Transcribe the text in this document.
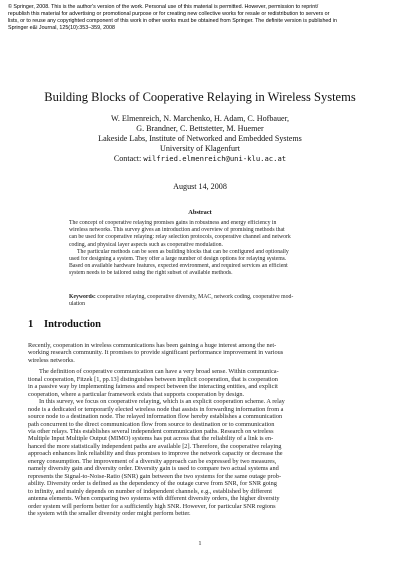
© Springer, 2008. This is the author's version of the work. Personal use of this material is permitted. However, permission to reprint/
republish this material for advertising or promotional purpose or for creating new collective works for resale or redistribution to servers or
lists, or to reuse any copyrighted component of this work in other works must be obtained from Springer. The definite version is published in
Springer e&i Journal, 125(10):353–359, 2008
Building Blocks of Cooperative Relaying in Wireless Systems
W. Elmenreich, N. Marchenko, H. Adam, C. Hofbauer,
G. Brandner, C. Bettstetter, M. Huemer
Lakeside Labs, Institute of Networked and Embedded Systems
University of Klagenfurt
Contact: wilfried.elmenreich@uni-klu.ac.at
August 14, 2008
Abstract
The concept of cooperative relaying promises gains in robustness and energy efficiency in
wireless networks. This survey gives an introduction and overview of promising methods that
can be used for cooperative relaying: relay selection protocols, cooperative channel and network
coding, and physical layer aspects such as cooperative modulation.
The particular methods can be seen as building blocks that can be configured and optionally
used for designing a system. They offer a large number of design options for relaying systems.
Based on available hardware features, expected environment, and required services an efficient
system needs to be tailored using the right subset of available methods.
Keywords: cooperative relaying, cooperative diversity, MAC, network coding, cooperative mod-
ulation
1 Introduction
Recently, cooperation in wireless communications has been gaining a huge interest among the net-
working research community. It promises to provide significant performance improvement in various
wireless networks.
The definition of cooperative communication can have a very broad sense. Within communica-
tional cooperation, Fitzek [1, pp.13] distinguishes between implicit cooperation, that is cooperation
in a passive way by implementing fairness and respect between the interacting entities, and explicit
cooperation, where a particular framework exists that supports cooperation by design.
In this survey, we focus on cooperative relaying, which is an explicit cooperation scheme. A relay
node is a dedicated or temporarily elected wireless node that assists in forwarding information from a
source node to a destination node. The relayed information flow hereby establishes a communication
path concurrent to the direct communication flow from source to destination or to communication
via other relays. This establishes several independent communication paths. Research on wireless
Multiple Input Multiple Output (MIMO) systems has put across that the reliability of a link is en-
hanced the more statistically independent paths are available [2]. Therefore, the cooperative relaying
approach enhances link reliability and thus promises to improve the network capacity or decrease the
energy consumption. The improvement of a diversity approach can be expressed by two measures,
namely diversity gain and diversity order. Diversity gain is used to compare two actual systems and
represents the Signal-to-Noise-Ratio (SNR) gain between the two systems for the same outage prob-
ability. Diversity order is defined as the dependency of the outage curve from SNR, for SNR going
to infinity, and mainly depends on number of independent channels, e.g., established by different
antenna elements. When comparing two systems with different diversity orders, the higher diversity
order system will perform better for a sufficiently high SNR. However, for particular SNR regions
the system with the smaller diversity order might perform better.
1
